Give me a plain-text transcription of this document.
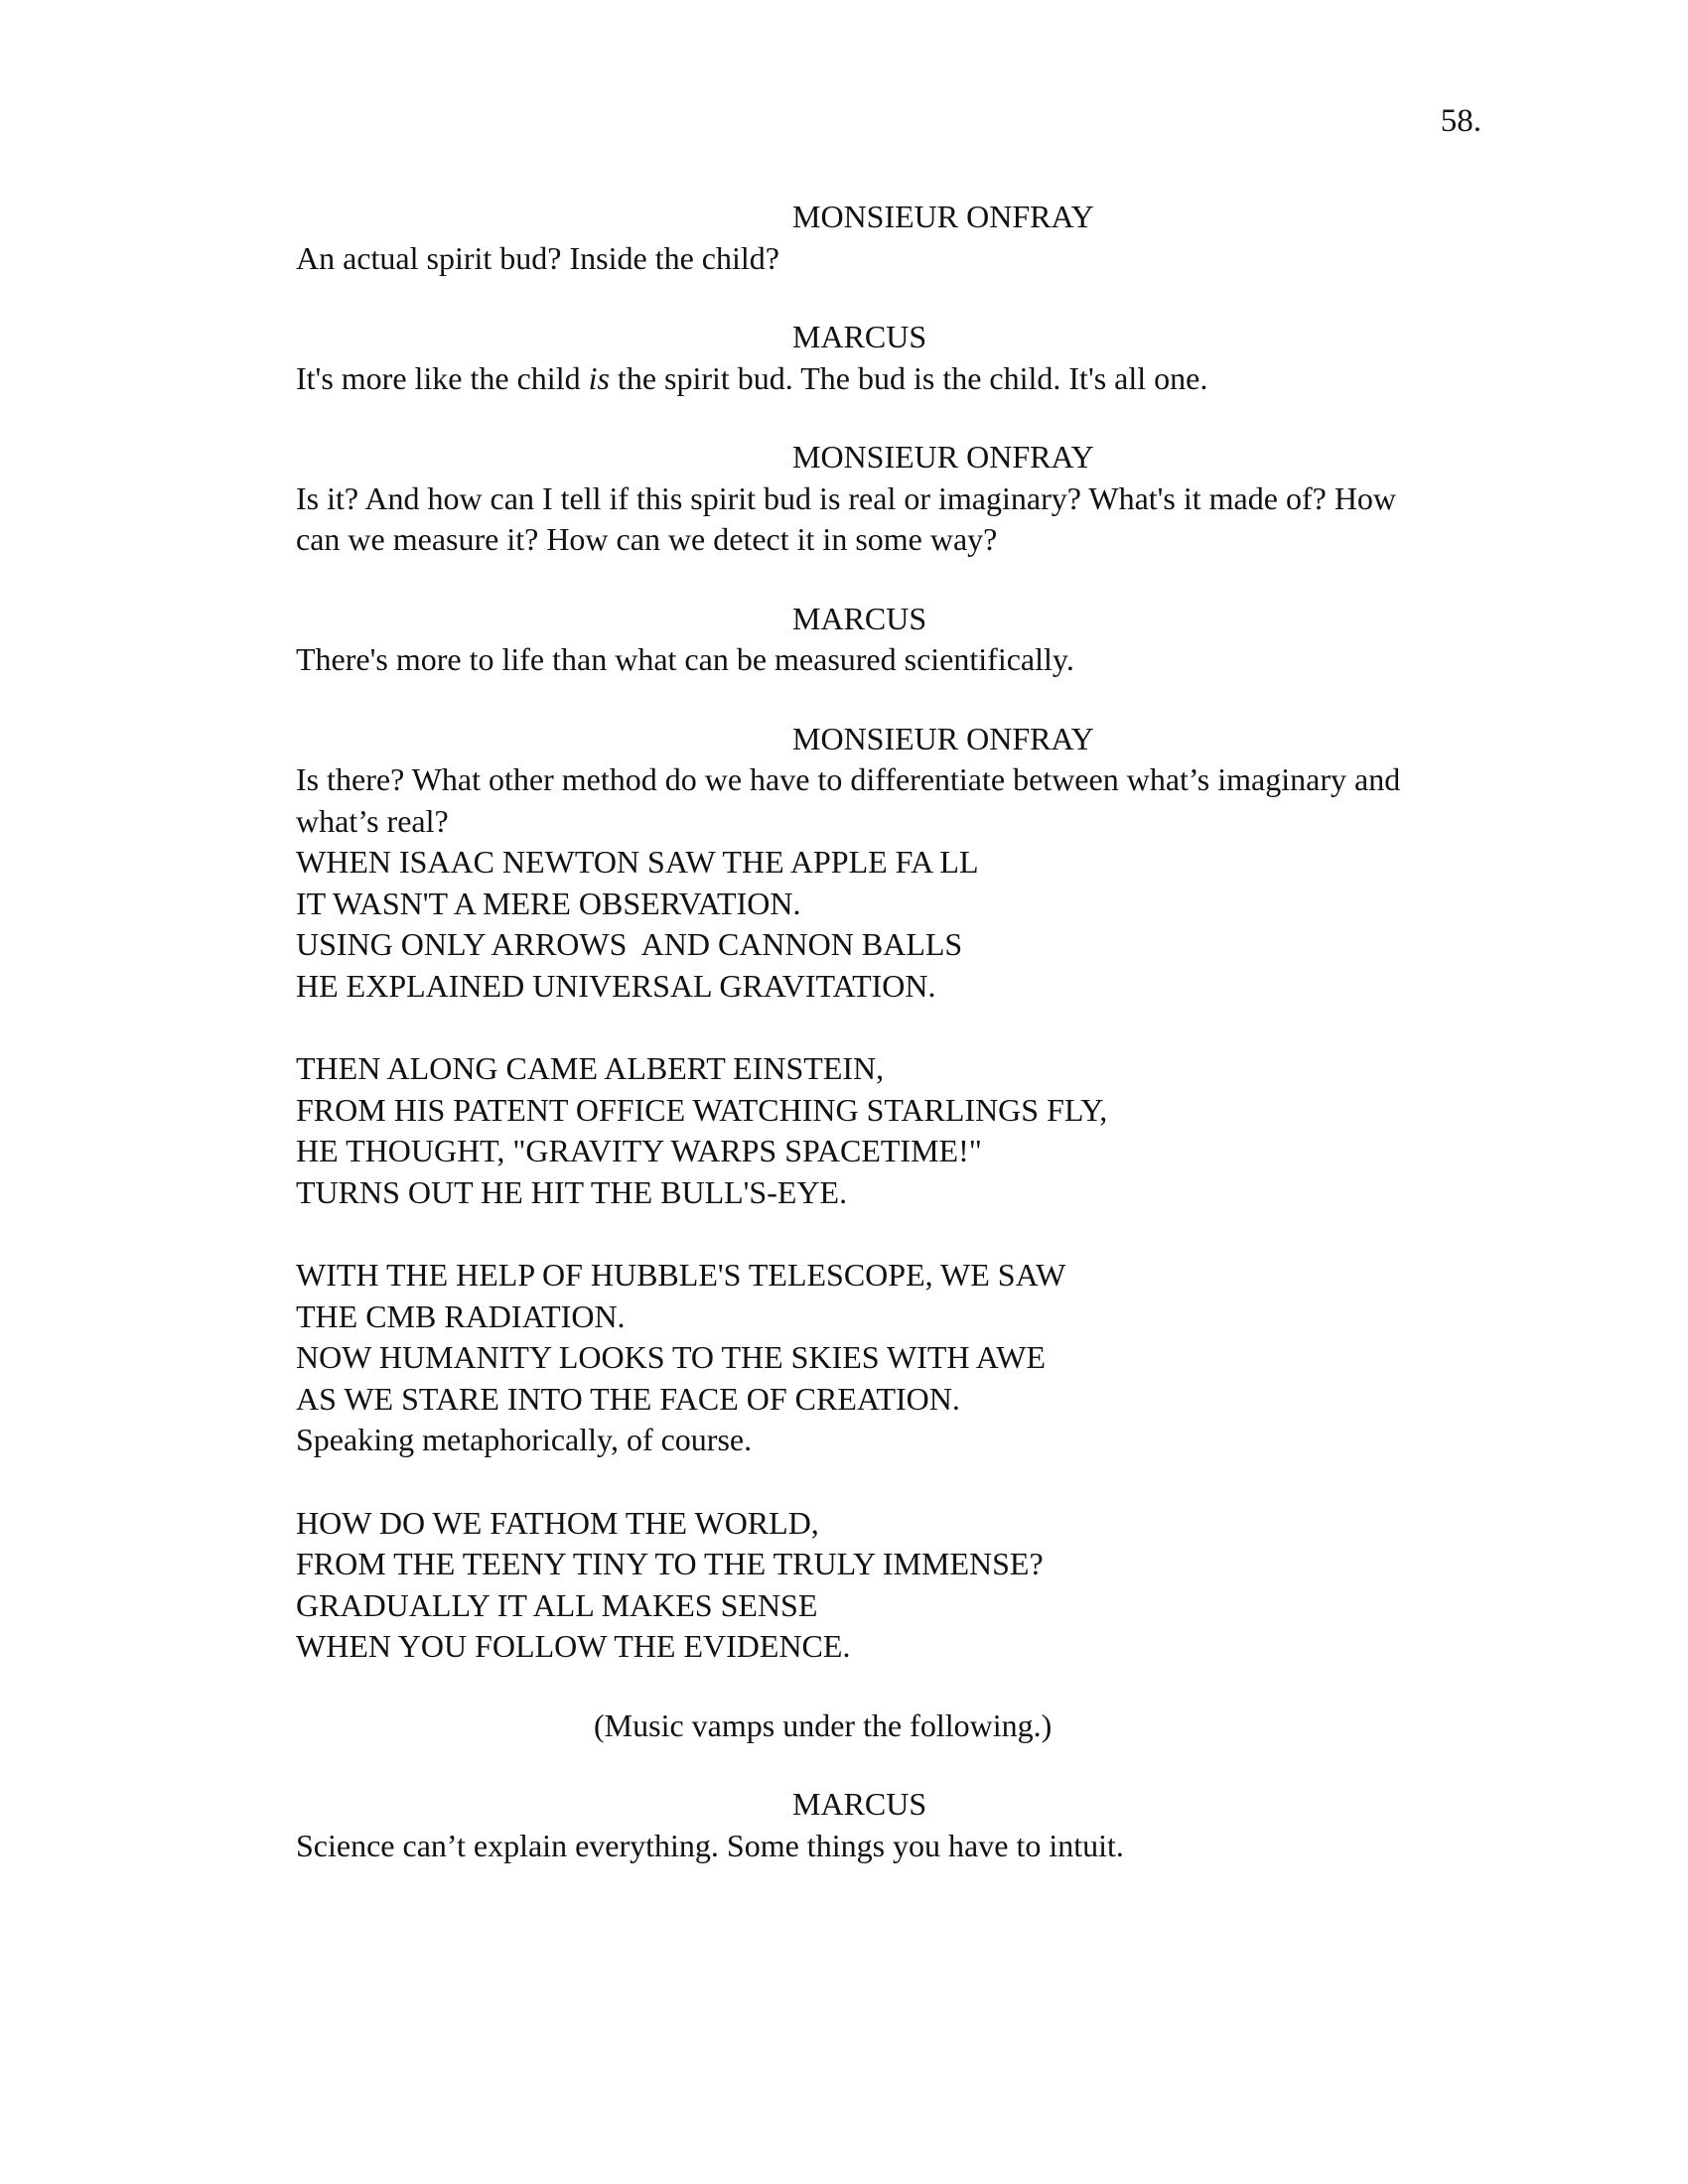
58.
MONSIEUR ONFRAY
An actual spirit bud? Inside the child?
MARCUS
It's more like the child is the spirit bud. The bud is the child. It's all one.
MONSIEUR ONFRAY
Is it? And how can I tell if this spirit bud is real or imaginary? What's it made of? How
can we measure it? How can we detect it in some way?
MARCUS
There's more to life than what can be measured scientifically.
MONSIEUR ONFRAY
Is there? What other method do we have to differentiate between what’s imaginary and
what’s real?
WHEN ISAAC NEWTON SAW THE APPLE FA LL
IT WASN'T A MERE OBSERVATION.
USING ONLY ARROWS  AND CANNON BALLS
HE EXPLAINED UNIVERSAL GRAVITATION.
THEN ALONG CAME ALBERT EINSTEIN,
FROM HIS PATENT OFFICE WATCHING STARLINGS FLY,
HE THOUGHT, "GRAVITY WARPS SPACETIME!"
TURNS OUT HE HIT THE BULL'S-EYE.
WITH THE HELP OF HUBBLE'S TELESCOPE, WE SAW
THE CMB RADIATION.
NOW HUMANITY LOOKS TO THE SKIES WITH AWE
AS WE STARE INTO THE FACE OF CREATION.
Speaking metaphorically, of course.
HOW DO WE FATHOM THE WORLD,
FROM THE TEENY TINY TO THE TRULY IMMENSE?
GRADUALLY IT ALL MAKES SENSE
WHEN YOU FOLLOW THE EVIDENCE.
(Music vamps under the following.)
MARCUS
Science can’t explain everything. Some things you have to intuit.
